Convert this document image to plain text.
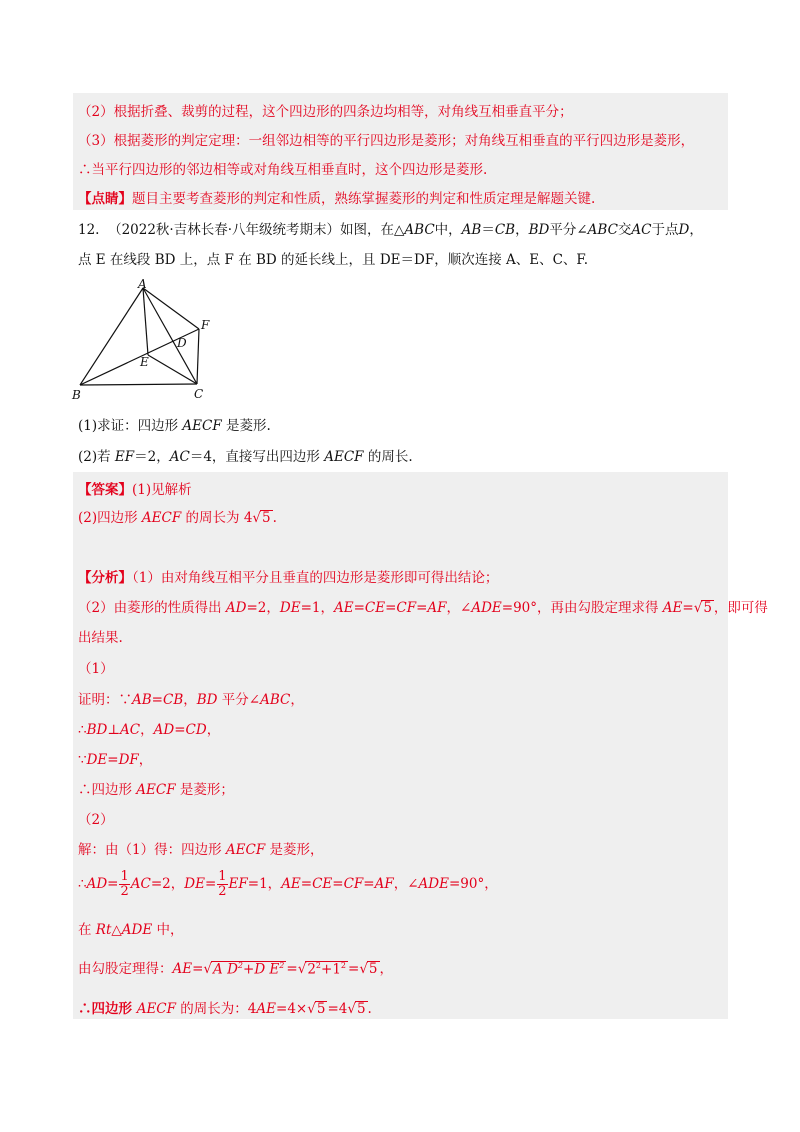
（2）根据折叠、裁剪的过程，这个四边形的四条边均相等，对角线互相垂直平分；
（3）根据菱形的判定定理：一组邻边相等的平行四边形是菱形；对角线互相垂直的平行四边形是菱形，
∴当平行四边形的邻边相等或对角线互相垂直时，这个四边形是菱形.
【点睛】题目主要考查菱形的判定和性质，熟练掌握菱形的判定和性质定理是解题关键.
12. （2022秋·吉林长春·八年级统考期末）如图，在△ABC中，AB＝CB，BD平分∠ABC交AC于点D，
点 E 在线段 BD 上，点 F 在 BD 的延长线上，且 DE＝DF，顺次连接 A、E、C、F.
A
F
D
E
B	C
(1)求证：四边形 AECF 是菱形.
(2)若 EF＝2，AC＝4，直接写出四边形 AECF 的周长.
【答案】(1)见解析
(2)四边形 AECF 的周长为 4√5 .
【分析】（1）由对角线互相平分且垂直的四边形是菱形即可得出结论；
（2）由菱形的性质得出 AD=2，DE=1，AE=CE=CF=AF，∠ADE=90°，再由勾股定理求得 AE=√5 ，即可得
出结果.
（1）
证明：∵AB=CB，BD 平分∠ABC，
∴BD⊥AC，AD=CD，
∵DE=DF，
∴四边形 AECF 是菱形；
（2）
解：由（1）得：四边形 AECF 是菱形，
∴AD= $\frac{1}{2} AC=2$，$DE= \frac{1}{2} EF=1$，AE=CE=CF=AF，∠ADE=90°，
在 Rt△ADE 中，
由勾股定理得：AE=√A $D^2+D$ $E^2 =√2^2+1^2 =√5$ ，
∴四边形 AECF 的周长为：4AE=4×√5 =4√5 .
